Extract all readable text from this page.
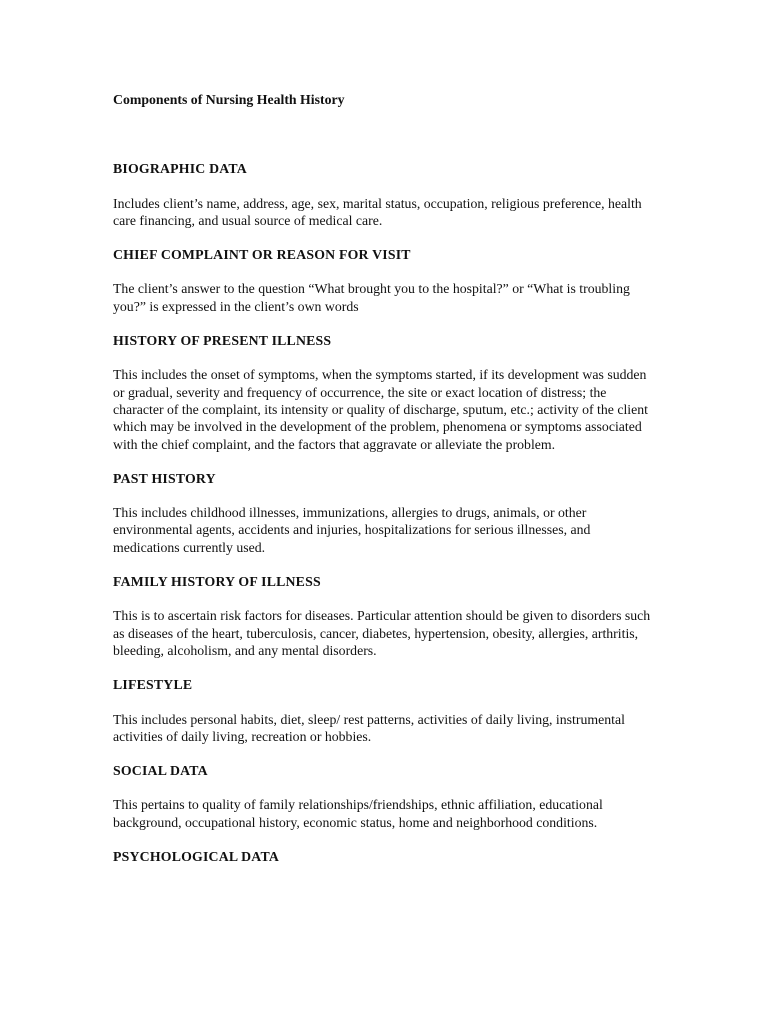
Components of Nursing Health History
BIOGRAPHIC DATA
Includes client’s name, address, age, sex, marital status, occupation, religious preference, health care financing, and usual source of medical care.
CHIEF COMPLAINT OR REASON FOR VISIT
The client’s answer to the question “What brought you to the hospital?” or “What is troubling you?” is expressed in the client’s own words
HISTORY OF PRESENT ILLNESS
This includes the onset of symptoms, when the symptoms started, if its development was sudden or gradual, severity and frequency of occurrence, the site or exact location of distress; the character of the complaint, its intensity or quality of discharge, sputum, etc.; activity of the client which may be involved in the development of the problem, phenomena or symptoms associated with the chief complaint, and the factors that aggravate or alleviate the problem.
PAST HISTORY
This includes childhood illnesses, immunizations, allergies to drugs, animals, or other environmental agents, accidents and injuries, hospitalizations for serious illnesses, and medications currently used.
FAMILY HISTORY OF ILLNESS
This is to ascertain risk factors for diseases. Particular attention should be given to disorders such as diseases of the heart, tuberculosis, cancer, diabetes, hypertension, obesity, allergies, arthritis, bleeding, alcoholism, and any mental disorders.
LIFESTYLE
This includes personal habits, diet, sleep/ rest patterns, activities of daily living, instrumental activities of daily living, recreation or hobbies.
SOCIAL DATA
This pertains to quality of family relationships/friendships, ethnic affiliation, educational background, occupational history, economic status, home and neighborhood conditions.
PSYCHOLOGICAL DATA
